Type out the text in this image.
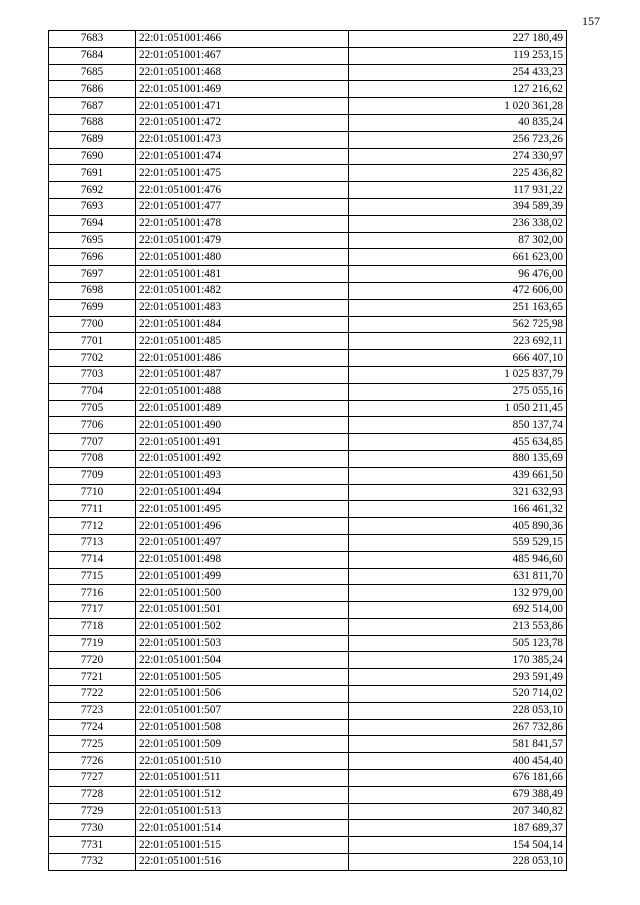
157
7683	22:01:051001:466	227 180,49
7684	22:01:051001:467	119 253,15
7685	22:01:051001:468	254 433,23
7686	22:01:051001:469	127 216,62
7687	22:01:051001:471	1 020 361,28
7688	22:01:051001:472	40 835,24
7689	22:01:051001:473	256 723,26
7690	22:01:051001:474	274 330,97
7691	22:01:051001:475	225 436,82
7692	22:01:051001:476	117 931,22
7693	22:01:051001:477	394 589,39
7694	22:01:051001:478	236 338,02
7695	22:01:051001:479	87 302,00
7696	22:01:051001:480	661 623,00
7697	22:01:051001:481	96 476,00
7698	22:01:051001:482	472 606,00
7699	22:01:051001:483	251 163,65
7700	22:01:051001:484	562 725,98
7701	22:01:051001:485	223 692,11
7702	22:01:051001:486	666 407,10
7703	22:01:051001:487	1 025 837,79
7704	22:01:051001:488	275 055,16
7705	22:01:051001:489	1 050 211,45
7706	22:01:051001:490	850 137,74
7707	22:01:051001:491	455 634,85
7708	22:01:051001:492	880 135,69
7709	22:01:051001:493	439 661,50
7710	22:01:051001:494	321 632,93
7711	22:01:051001:495	166 461,32
7712	22:01:051001:496	405 890,36
7713	22:01:051001:497	559 529,15
7714	22:01:051001:498	485 946,60
7715	22:01:051001:499	631 811,70
7716	22:01:051001:500	132 979,00
7717	22:01:051001:501	692 514,00
7718	22:01:051001:502	213 553,86
7719	22:01:051001:503	505 123,78
7720	22:01:051001:504	170 385,24
7721	22:01:051001:505	293 591,49
7722	22:01:051001:506	520 714,02
7723	22:01:051001:507	228 053,10
7724	22:01:051001:508	267 732,86
7725	22:01:051001:509	581 841,57
7726	22:01:051001:510	400 454,40
7727	22:01:051001:511	676 181,66
7728	22:01:051001:512	679 388,49
7729	22:01:051001:513	207 340,82
7730	22:01:051001:514	187 689,37
7731	22:01:051001:515	154 504,14
7732	22:01:051001:516	228 053,10
